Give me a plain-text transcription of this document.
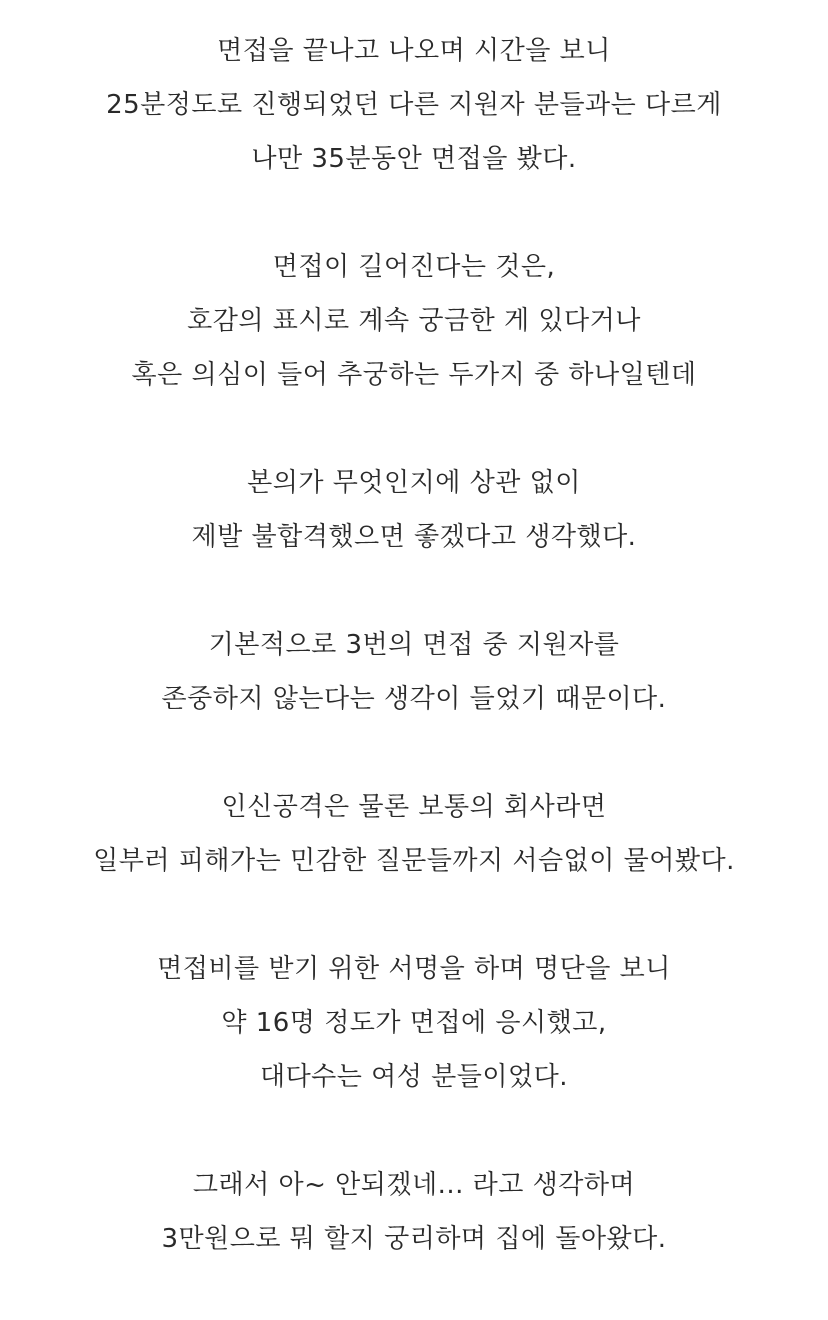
면접을 끝나고 나오며 시간을 보니
25분정도로 진행되었던 다른 지원자 분들과는 다르게
나만 35분동안 면접을 봤다.
면접이 길어진다는 것은,
호감의 표시로 계속 궁금한 게 있다거나
혹은 의심이 들어 추궁하는 두가지 중 하나일텐데
본의가 무엇인지에 상관 없이
제발 불합격했으면 좋겠다고 생각했다.
기본적으로 3번의 면접 중 지원자를
존중하지 않는다는 생각이 들었기 때문이다.
인신공격은 물론 보통의 회사라면
일부러 피해가는 민감한 질문들까지 서슴없이 물어봤다.
면접비를 받기 위한 서명을 하며 명단을 보니
약 16명 정도가 면접에 응시했고,
대다수는 여성 분들이었다.
그래서 아~ 안되겠네... 라고 생각하며
3만원으로 뭐 할지 궁리하며 집에 돌아왔다.
